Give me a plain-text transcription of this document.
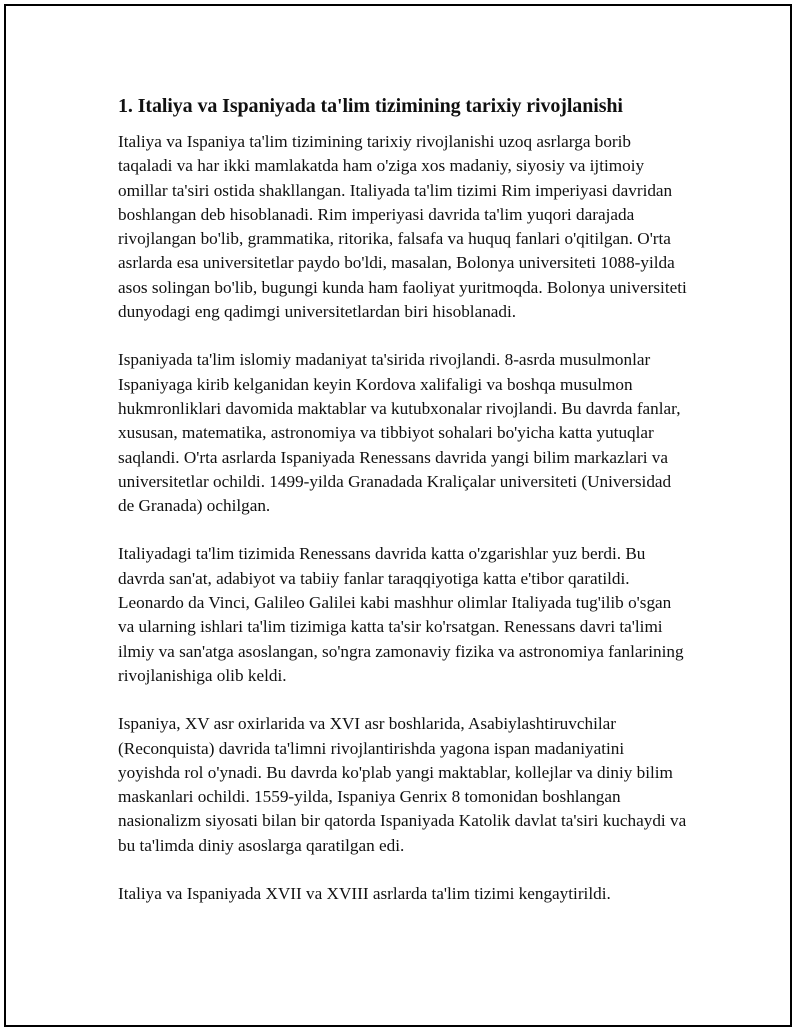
1. Italiya va Ispaniyada ta'lim tizimining tarixiy rivojlanishi

Italiya va Ispaniya ta'lim tizimining tarixiy rivojlanishi uzoq asrlarga borib taqaladi va har ikki mamlakatda ham o'ziga xos madaniy, siyosiy va ijtimoiy omillar ta'siri ostida shakllangan. Italiyada ta'lim tizimi Rim imperiyasi davridan boshlangan deb hisoblanadi. Rim imperiyasi davrida ta'lim yuqori darajada rivojlangan bo'lib, grammatika, ritorika, falsafa va huquq fanlari o'qitilgan. O'rta asrlarda esa universitetlar paydo bo'ldi, masalan, Bolonya universiteti 1088-yilda asos solingan bo'lib, bugungi kunda ham faoliyat yuritmoqda. Bolonya universiteti dunyodagi eng qadimgi universitetlardan biri hisoblanadi.

Ispaniyada ta'lim islomiy madaniyat ta'sirida rivojlandi. 8-asrda musulmonlar Ispaniyaga kirib kelganidan keyin Kordova xalifaligi va boshqa musulmon hukmronliklari davomida maktablar va kutubxonalar rivojlandi. Bu davrda fanlar, xususan, matematika, astronomiya va tibbiyot sohalari bo'yicha katta yutuqlar saqlandi. O'rta asrlarda Ispaniyada Renessans davrida yangi bilim markazlari va universitetlar ochildi. 1499-yilda Granadada Kraliçalar universiteti (Universidad de Granada) ochilgan.

Italiyadagi ta'lim tizimida Renessans davrida katta o'zgarishlar yuz berdi. Bu davrda san'at, adabiyot va tabiiy fanlar taraqqiyotiga katta e'tibor qaratildi. Leonardo da Vinci, Galileo Galilei kabi mashhur olimlar Italiyada tug'ilib o'sgan va ularning ishlari ta'lim tizimiga katta ta'sir ko'rsatgan. Renessans davri ta'limi ilmiy va san'atga asoslangan, so'ngra zamonaviy fizika va astronomiya fanlarining rivojlanishiga olib keldi.

Ispaniya, XV asr oxirlarida va XVI asr boshlarida, Asabiylashtiruvchilar (Reconquista) davrida ta'limni rivojlantirishda yagona ispan madaniyatini yoyishda rol o'ynadi. Bu davrda ko'plab yangi maktablar, kollejlar va diniy bilim maskanlari ochildi. 1559-yilda, Ispaniya Genrix 8 tomonidan boshlangan nasionalizm siyosati bilan bir qatorda Ispaniyada Katolik davlat ta'siri kuchaydi va bu ta'limda diniy asoslarga qaratilgan edi.

Italiya va Ispaniyada XVII va XVIII asrlarda ta'lim tizimi kengaytirildi.
